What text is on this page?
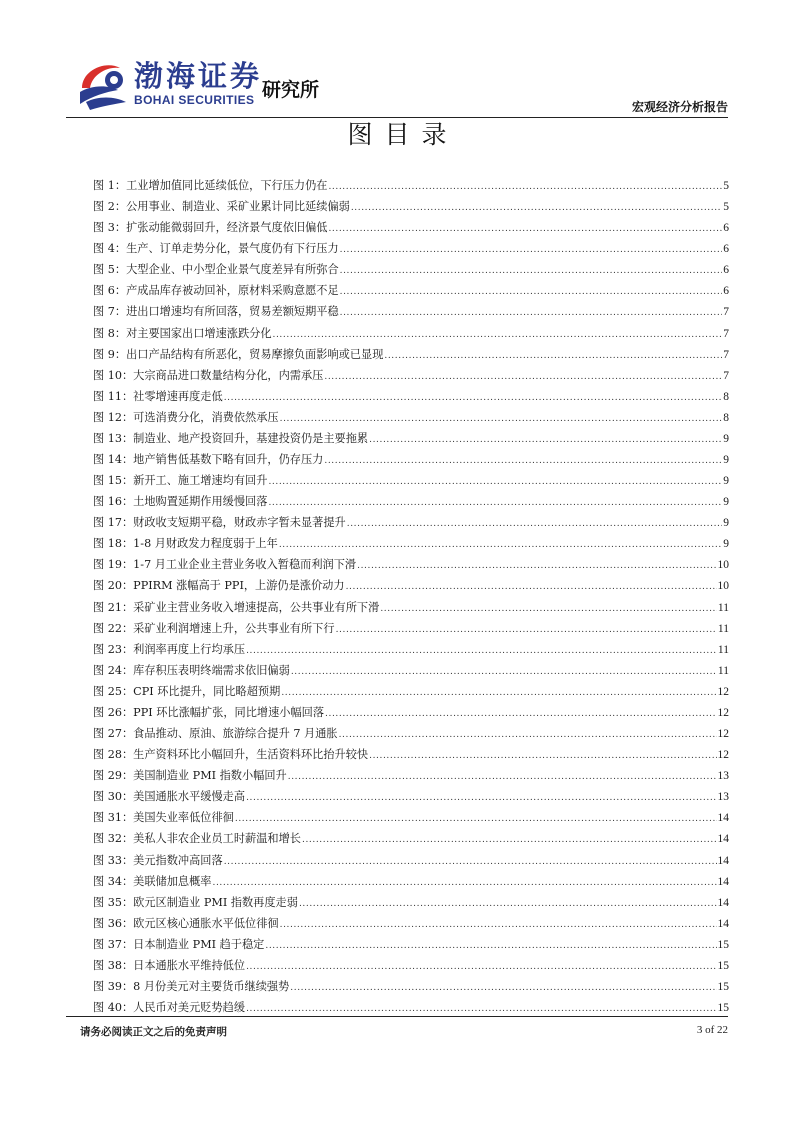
渤海证券
BOHAI SECURITIES 研究所
宏观经济分析报告
图目录
图 1：工业增加值同比延续低位，下行压力仍在 .....	5
图 2：公用事业、制造业、采矿业累计同比延续偏弱 .....	5
图 3：扩张动能微弱回升，经济景气度依旧偏低 .....	6
图 4：生产、订单走势分化，景气度仍有下行压力 .....	6
图 5：大型企业、中小型企业景气度差异有所弥合 .....	6
图 6：产成品库存被动回补，原材料采购意愿不足 .....	6
图 7：进出口增速均有所回落，贸易差额短期平稳 .....	7
图 8：对主要国家出口增速涨跌分化 .....	7
图 9：出口产品结构有所恶化，贸易摩擦负面影响或已显现 .....	7
图 10：大宗商品进口数量结构分化，内需承压 .....	7
图 11：社零增速再度走低 .....	8
图 12：可选消费分化，消费依然承压 .....	8
图 13：制造业、地产投资回升，基建投资仍是主要拖累 .....	9
图 14：地产销售低基数下略有回升，仍存压力 .....	9
图 15：新开工、施工增速均有回升 .....	9
图 16：土地购置延期作用缓慢回落 .....	9
图 17：财政收支短期平稳，财政赤字暂未显著提升 .....	9
图 18：1-8 月财政发力程度弱于上年 .....	9
图 19：1-7 月工业企业主营业务收入暂稳而利润下滑 .....	10
图 20：PPIRM 涨幅高于 PPI，上游仍是涨价动力 .....	10
图 21：采矿业主营业务收入增速提高，公共事业有所下滑 .....	11
图 22：采矿业利润增速上升，公共事业有所下行 .....	11
图 23：利润率再度上行均承压 .....	11
图 24：库存积压表明终端需求依旧偏弱 .....	11
图 25：CPI 环比提升，同比略超预期 .....	12
图 26：PPI 环比涨幅扩张，同比增速小幅回落 .....	12
图 27：食品推动、原油、旅游综合提升 7 月通胀 .....	12
图 28：生产资料环比小幅回升，生活资料环比抬升较快 .....	12
图 29：美国制造业 PMI 指数小幅回升 .....	13
图 30：美国通胀水平缓慢走高 .....	13
图 31：美国失业率低位徘徊 .....	14
图 32：美私人非农企业员工时薪温和增长 .....	14
图 33：美元指数冲高回落 .....	14
图 34：美联储加息概率 .....	14
图 35：欧元区制造业 PMI 指数再度走弱 .....	14
图 36：欧元区核心通胀水平低位徘徊 .....	14
图 37：日本制造业 PMI 趋于稳定 .....	15
图 38：日本通胀水平维持低位 .....	15
图 39：8 月份美元对主要货币继续强势 .....	15
图 40：人民币对美元贬势趋缓 .....	15
请务必阅读正文之后的免责声明	3 of 22
